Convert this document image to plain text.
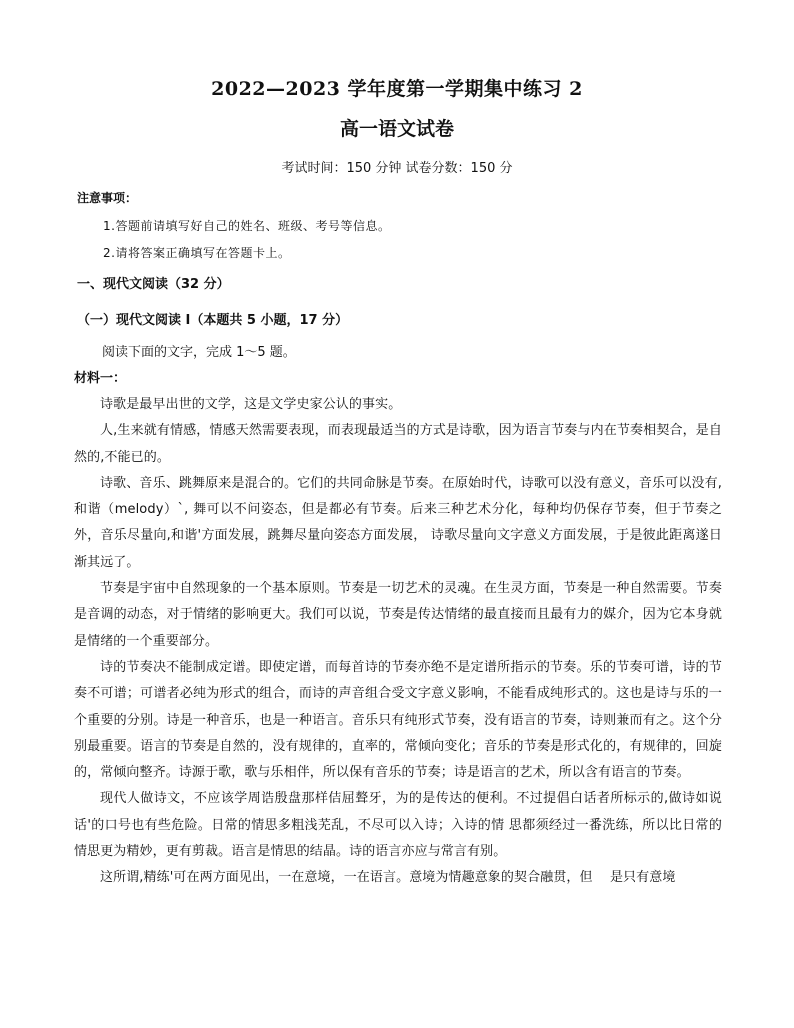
2022—2023 学年度第一学期集中练习 2
高一语文试卷
考试时间：150 分钟 试卷分数：150 分
注意事项：
1.答题前请填写好自己的姓名、班级、考号等信息。
2.请将答案正确填写在答题卡上。
一、现代文阅读（32 分）
（一）现代文阅读 I（本题共 5 小题，17 分）
阅读下面的文字，完成 1～5 题。
材料一：

诗歌是最早出世的文学，这是文学史家公认的事实。

人,生来就有情感，情感天然需要表现，而表现最适当的方式是诗歌，因为语言节奏与内在节奏相契合，是自然的,不能已的。

诗歌、音乐、跳舞原来是混合的。它们的共同命脉是节奏。在原始时代，诗歌可以没有意义，音乐可以没有,和谐（melody）`, 舞可以不问姿态，但是都必有节奏。后来三种艺术分化，每种均仍保存节奏，但于节奏之外，音乐尽量向,和谐'方面发展，跳舞尽量向姿态方面发展， 诗歌尽量向文字意义方面发展，于是彼此距离遂日渐其远了。

节奏是宇宙中自然现象的一个基本原则。节奏是一切艺术的灵魂。在生灵方面，节奏是一种自然需要。节奏是音调的动态，对于情绪的影响更大。我们可以说，节奏是传达情绪的最直接而且最有力的媒介，因为它本身就是情绪的一个重要部分。

诗的节奏决不能制成定谱。即使定谱，而每首诗的节奏亦绝不是定谱所指示的节奏。乐的节奏可谱，诗的节奏不可谱；可谱者必纯为形式的组合，而诗的声音组合受文字意义影响，不能看成纯形式的。这也是诗与乐的一个重要的分别。诗是一种音乐，也是一种语言。音乐只有纯形式节奏，没有语言的节奏，诗则兼而有之。这个分别最重要。语言的节奏是自然的，没有规律的，直率的，常倾向变化；音乐的节奏是形式化的，有规律的，回旋的，常倾向整齐。诗源于歌，歌与乐相伴，所以保有音乐的节奏；诗是语言的艺术，所以含有语言的节奏。

现代人做诗文，不应该学周诰殷盘那样佶屈聱牙，为的是传达的便利。不过提倡白话者所标示的,做诗如说话'的口号也有些危险。日常的情思多粗浅芜乱，不尽可以入诗；入诗的情 思都须经过一番洗练，所以比日常的情思更为精妙，更有剪裁。语言是情思的结晶。诗的语言亦应与常言有别。

这所谓,精练'可在两方面见出，一在意境，一在语言。意境为情趣意象的契合融贯，但　 是只有意境
